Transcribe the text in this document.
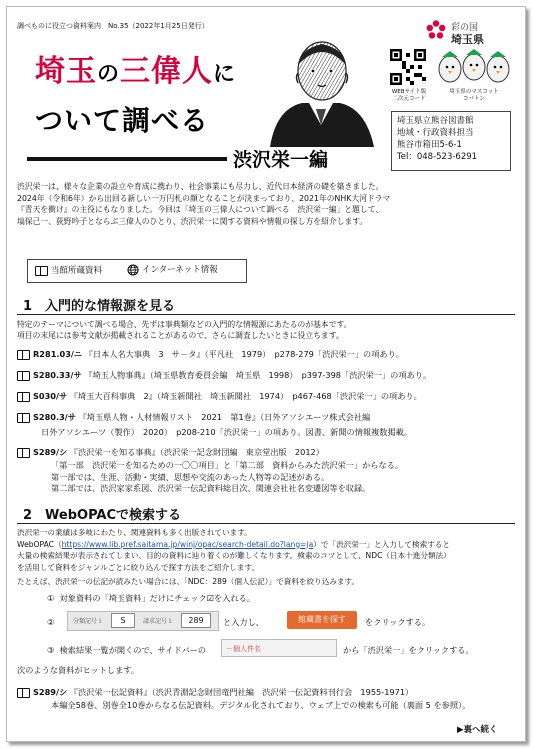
調べものに役立つ資料案内　No.35（2022年1月25日発行）	彩の国
埼玉県
埼玉の三偉人に
ついて調べる
渋沢栄一編
WEBサイト版
二次元コード
埼玉県のマスコット
コバトン
埼玉県立熊谷図書館
地域・行政資料担当
熊谷市箱田5-6-1
Tel：048-523-6291
渋沢栄一は、様々な企業の設立や育成に携わり、社会事業にも尽力し、近代日本経済の礎を築きました。
2024年（令和6年）から出回る新しい一万円札の顔となることが決まっており、2021年のNHK大河ドラマ
『青天を衝け』の主役にもなりました。今回は「埼玉の三偉人について調べる　渋沢栄一編」と題して、
塙保己一、荻野吟子とならぶ三偉人のひとり、渋沢栄一に関する資料や情報の探し方を紹介します。
当館所蔵資料	インターネット情報
1　入門的な情報源を見る
特定のテーマについて調べる場合、先ずは事典類などの入門的な情報源にあたるのが基本です。
項目の末尾には参考文献が掲載されることがあるので、さらに調査したいときに役立ちます。
R281.03/ニ 『日本人名大事典　3　サ－タ』（平凡社　1979）　p278-279「渋沢栄一」の項あり。
S280.33/サ 『埼玉人物事典』（埼玉県教育委員会編　埼玉県　1998）　p397-398「渋沢栄一」の項あり。
S030/サ 『埼玉大百科事典　2』（埼玉新聞社　埼玉新聞社　1974）　p467-468「渋沢栄一」の項あり。
S280.3/サ 『埼玉県人物・人材情報リスト　2021　第1巻』（日外アソシエーツ株式会社編
日外アソシエーツ（製作）　2020）　p208-210「渋沢栄一」の項あり。図書、新聞の情報複数掲載。
S289/シ 『渋沢栄一を知る事典』（渋沢栄一記念財団編　東京堂出版　2012）
「第一部　渋沢栄一を知るための一〇〇項目」と「第二部　資料からみた渋沢栄一」からなる。
第一部では、生涯、活動・実績、思想や交流のあった人物等の記述がある。
第二部では、渋沢家家系図、渋沢栄一伝記資料総目次、関連会社社名変遷図等を収録。
2　WebOPACで検索する
渋沢栄一の業績は多岐にわたり、関連資料も多く出版されています。
WebOPAC（https://www.lib.pref.saitama.jp/winj/opac/search-detail.do?lang=ja）で「渋沢栄一」と入力して検索すると
大量の検索結果が表示されてしまい、目的の資料に辿り着くのが難しくなります。検索のコツとして、NDC（日本十進分類法）
を活用して資料をジャンルごとに絞り込んで探す方法をご紹介します。
たとえば、渋沢栄一の伝記が読みたい場合には、「NDC：289（個人伝記）」で資料を絞り込みます。
① 対象資料の「埼玉資料」だけにチェック☑を入れる。
②	分類記号１	S	請求記号１	289	と入力し、	館蔵書を探す	をクリックする。
③ 検索結果一覧が開くので、サイドバーの	－個人件名	から「渋沢栄一」をクリックする。
次のような資料がヒットします。
S289/シ 『渋沢栄一伝記資料』（渋沢青淵記念財団竜門社編　渋沢栄一伝記資料刊行会　1955-1971）
本編全58巻、別巻全10巻からなる伝記資料。デジタル化されており、ウェブ上での検索も可能（裏面 5 を参照）。
▶裏へ続く
